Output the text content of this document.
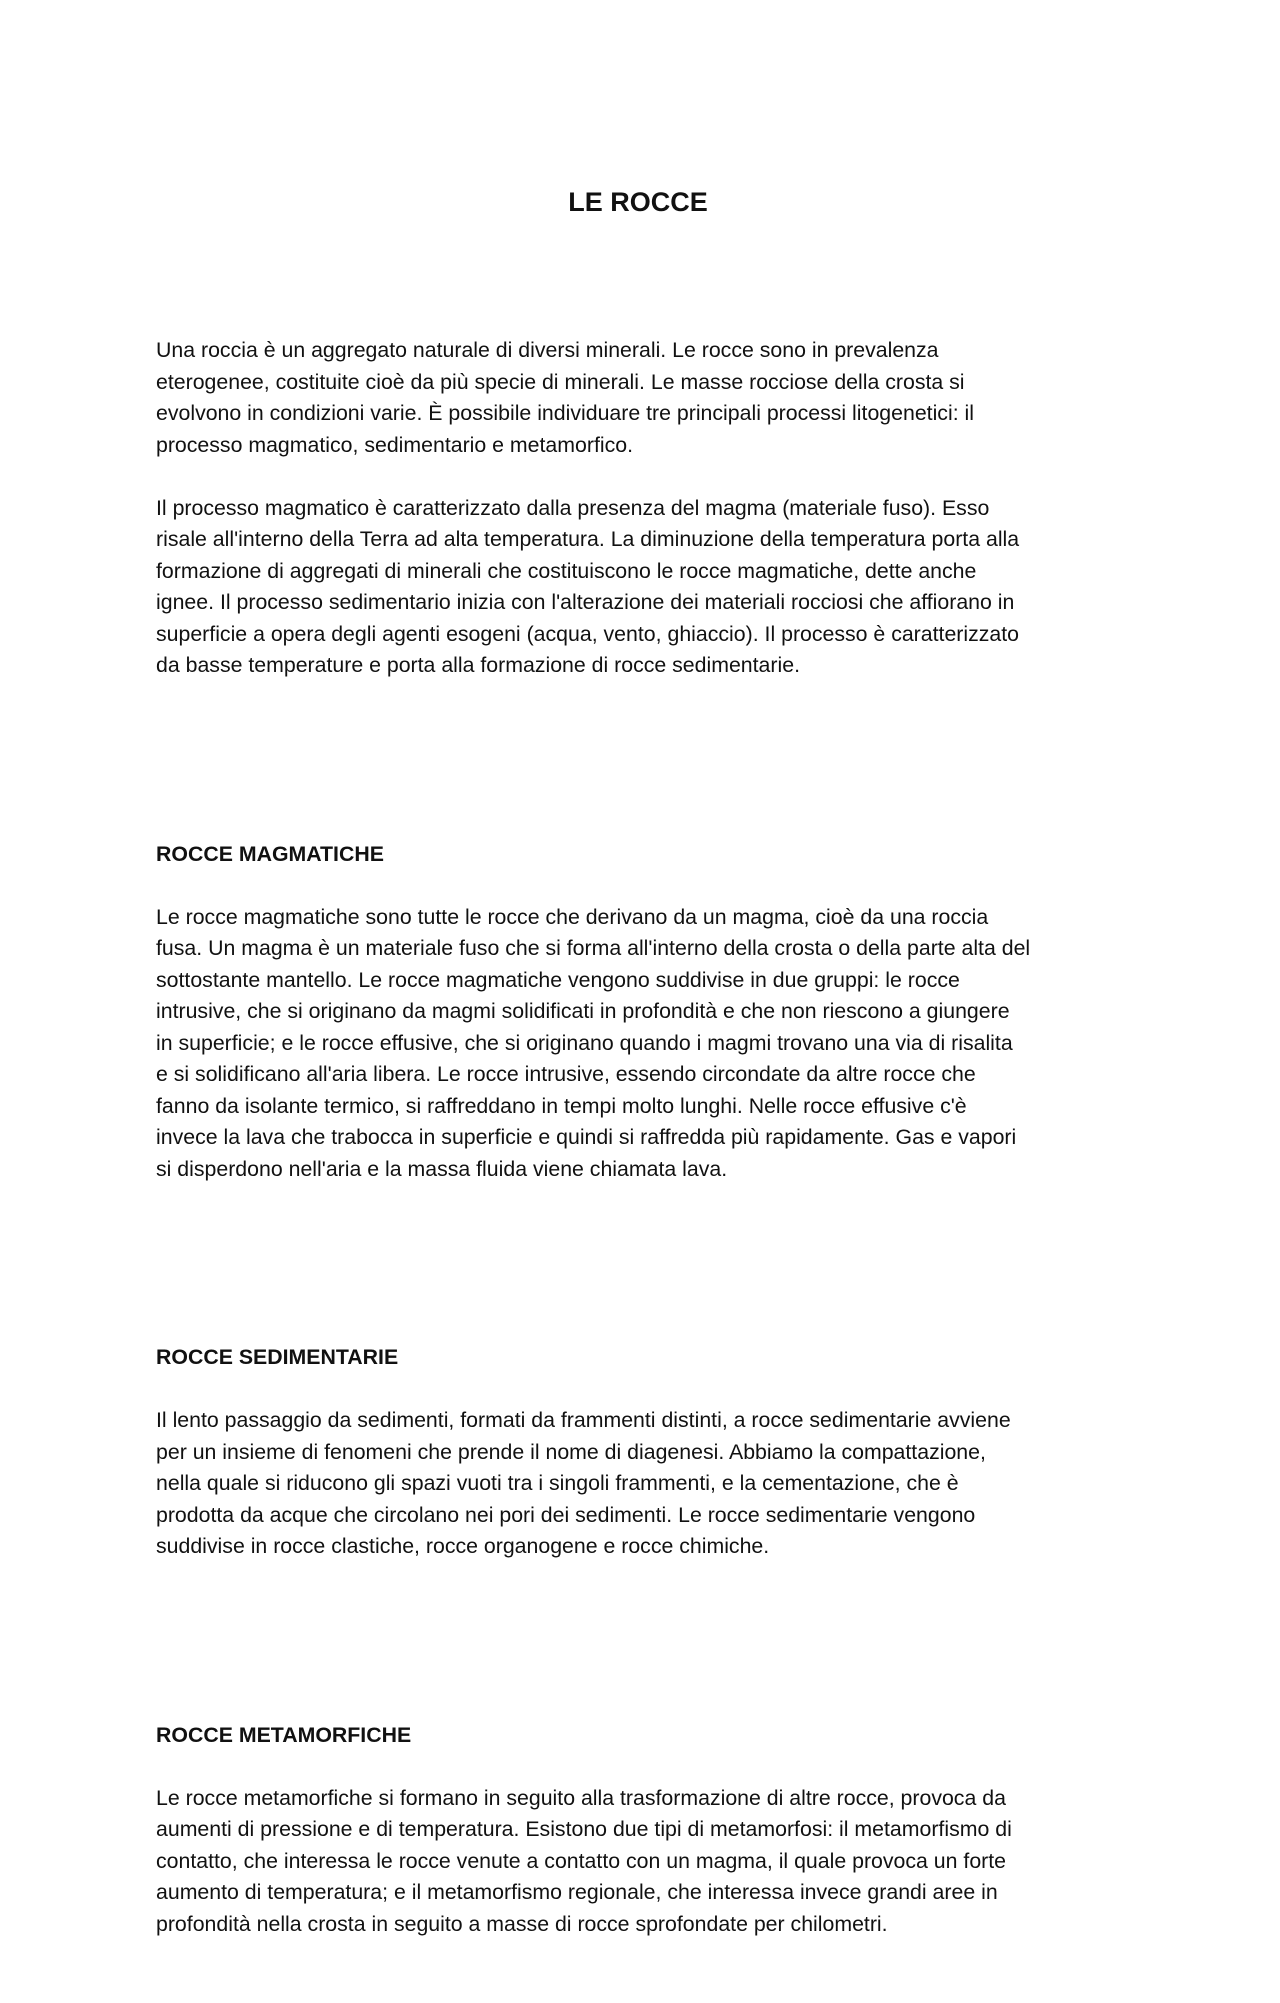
LE ROCCE

Una roccia è un aggregato naturale di diversi minerali. Le rocce sono in prevalenza
eterogenee, costituite cioè da più specie di minerali. Le masse rocciose della crosta si
evolvono in condizioni varie. È possibile individuare tre principali processi litogenetici: il
processo magmatico, sedimentario e metamorfico.

Il processo magmatico è caratterizzato dalla presenza del magma (materiale fuso). Esso
risale all'interno della Terra ad alta temperatura. La diminuzione della temperatura porta alla
formazione di aggregati di minerali che costituiscono le rocce magmatiche, dette anche
ignee. Il processo sedimentario inizia con l'alterazione dei materiali rocciosi che affiorano in
superficie a opera degli agenti esogeni (acqua, vento, ghiaccio). Il processo è caratterizzato
da basse temperature e porta alla formazione di rocce sedimentarie.

ROCCE MAGMATICHE

Le rocce magmatiche sono tutte le rocce che derivano da un magma, cioè da una roccia
fusa. Un magma è un materiale fuso che si forma all'interno della crosta o della parte alta del
sottostante mantello. Le rocce magmatiche vengono suddivise in due gruppi: le rocce
intrusive, che si originano da magmi solidificati in profondità e che non riescono a giungere
in superficie; e le rocce effusive, che si originano quando i magmi trovano una via di risalita
e si solidificano all'aria libera. Le rocce intrusive, essendo circondate da altre rocce che
fanno da isolante termico, si raffreddano in tempi molto lunghi. Nelle rocce effusive c'è
invece la lava che trabocca in superficie e quindi si raffredda più rapidamente. Gas e vapori
si disperdono nell'aria e la massa fluida viene chiamata lava.

ROCCE SEDIMENTARIE

Il lento passaggio da sedimenti, formati da frammenti distinti, a rocce sedimentarie avviene
per un insieme di fenomeni che prende il nome di diagenesi. Abbiamo la compattazione,
nella quale si riducono gli spazi vuoti tra i singoli frammenti, e la cementazione, che è
prodotta da acque che circolano nei pori dei sedimenti. Le rocce sedimentarie vengono
suddivise in rocce clastiche, rocce organogene e rocce chimiche.

ROCCE METAMORFICHE

Le rocce metamorfiche si formano in seguito alla trasformazione di altre rocce, provoca da
aumenti di pressione e di temperatura. Esistono due tipi di metamorfosi: il metamorfismo di
contatto, che interessa le rocce venute a contatto con un magma, il quale provoca un forte
aumento di temperatura; e il metamorfismo regionale, che interessa invece grandi aree in
profondità nella crosta in seguito a masse di rocce sprofondate per chilometri.
